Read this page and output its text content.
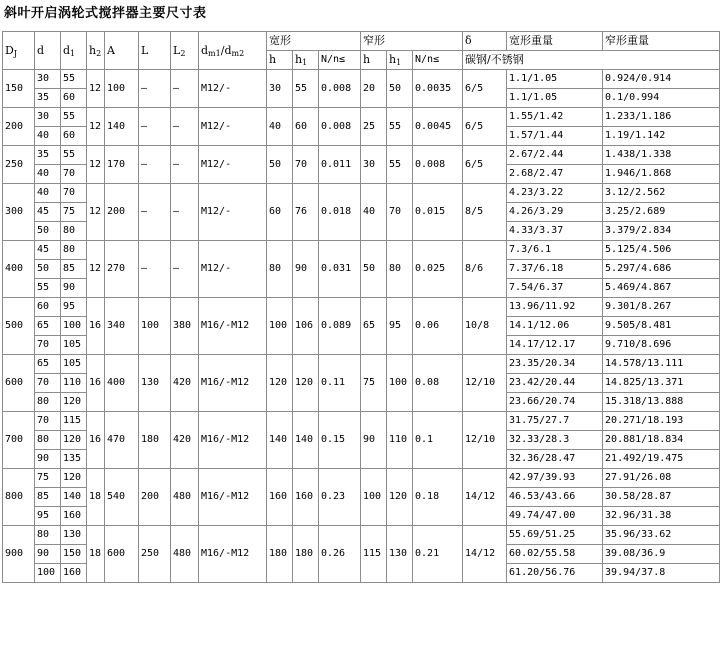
斜叶开启涡轮式搅拌器主要尺寸表
$D_J$	d	$d_1$	$h_2$	A	L	$L_2$	$d_{m1}/d_{m2}$	宽形			窄形			δ	宽形重量	窄形重量
								h	$h_1$	N/n≤	h	$h_1$	N/n≤	碳钢/不锈钢		
150	30	55	12	100	–	–	M12/-	30	55	0.008	20	50	0.0035	6/5	1.1/1.05	0.924/0.914
	35	60													1.1/1.05	0.1/0.994
200	30	55	12	140	–	–	M12/-	40	60	0.008	25	55	0.0045	6/5	1.55/1.42	1.233/1.186
	40	60													1.57/1.44	1.19/1.142
250	35	55	12	170	–	–	M12/-	50	70	0.011	30	55	0.008	6/5	2.67/2.44	1.438/1.338
	40	70													2.68/2.47	1.946/1.868
300	40	70	12	200	–	–	M12/-	60	76	0.018	40	70	0.015	8/5	4.23/3.22	3.12/2.562
	45	75													4.26/3.29	3.25/2.689
	50	80													4.33/3.37	3.379/2.834
400	45	80	12	270	–	–	M12/-	80	90	0.031	50	80	0.025	8/6	7.3/6.1	5.125/4.506
	50	85													7.37/6.18	5.297/4.686
	55	90													7.54/6.37	5.469/4.867
500	60	95	16	340	100	380	M16/-M12	100	106	0.089	65	95	0.06	10/8	13.96/11.92	9.301/8.267
	65	100													14.1/12.06	9.505/8.481
	70	105													14.17/12.17	9.710/8.696
600	65	105	16	400	130	420	M16/-M12	120	120	0.11	75	100	0.08	12/10	23.35/20.34	14.578/13.111
	70	110													23.42/20.44	14.825/13.371
	80	120													23.66/20.74	15.318/13.888
700	70	115	16	470	180	420	M16/-M12	140	140	0.15	90	110	0.1	12/10	31.75/27.7	20.271/18.193
	80	120													32.33/28.3	20.881/18.834
	90	135													32.36/28.47	21.492/19.475
800	75	120	18	540	200	480	M16/-M12	160	160	0.23	100	120	0.18	14/12	42.97/39.93	27.91/26.08
	85	140													46.53/43.66	30.58/28.87
	95	160													49.74/47.00	32.96/31.38
900	80	130	18	600	250	480	M16/-M12	180	180	0.26	115	130	0.21	14/12	55.69/51.25	35.96/33.62
	90	150													60.02/55.58	39.08/36.9
	100	160													61.20/56.76	39.94/37.8
